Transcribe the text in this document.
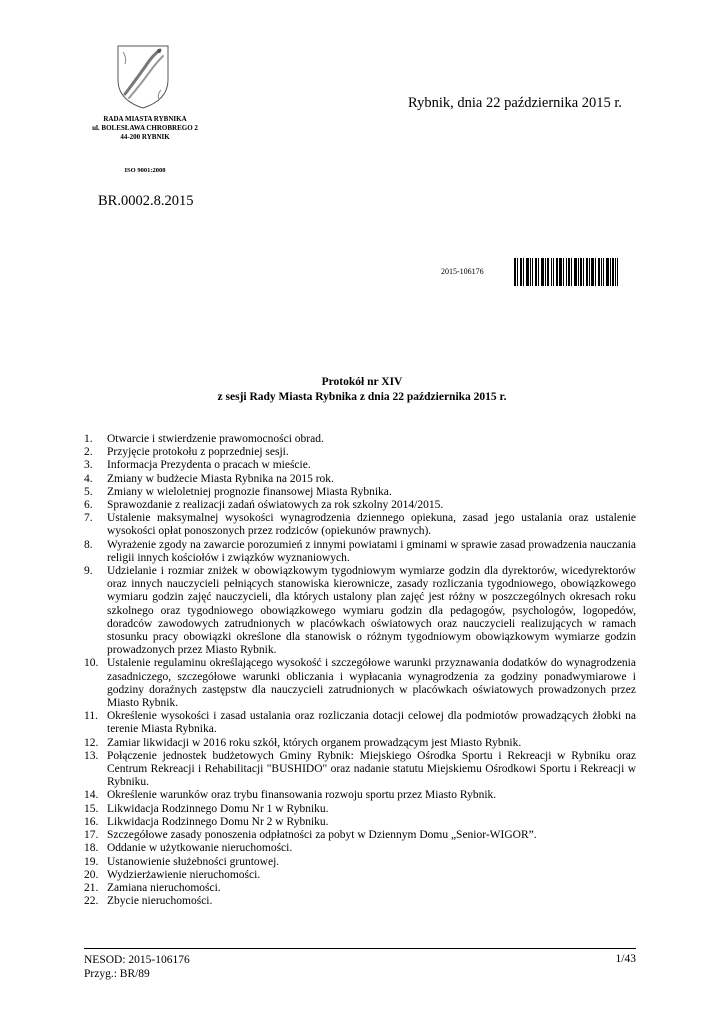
RADA MIASTA RYBNIKA
ul. BOLESŁAWA CHROBREGO 2
44-200 RYBNIK
ISO 9001:2008
Rybnik, dnia 22 października 2015 r.
BR.0002.8.2015
2015-106176
Protokół nr XIV
z sesji Rady Miasta Rybnika z dnia 22 października 2015 r.
1.	Otwarcie i stwierdzenie prawomocności obrad.
2.	Przyjęcie protokołu z poprzedniej sesji.
3.	Informacja Prezydenta o pracach w mieście.
4.	Zmiany w budżecie Miasta Rybnika na 2015 rok.
5.	Zmiany w wieloletniej prognozie finansowej Miasta Rybnika.
6.	Sprawozdanie z realizacji zadań oświatowych za rok szkolny 2014/2015.
7.	Ustalenie maksymalnej wysokości wynagrodzenia dziennego opiekuna, zasad jego ustalania oraz ustalenie wysokości opłat ponoszonych przez rodziców (opiekunów prawnych).
8.	Wyrażenie zgody na zawarcie porozumień z innymi powiatami i gminami w sprawie zasad prowadzenia nauczania religii innych kościołów i związków wyznaniowych.
9.	Udzielanie i rozmiar zniżek w obowiązkowym tygodniowym wymiarze godzin dla dyrektorów, wicedyrektorów oraz innych nauczycieli pełniących stanowiska kierownicze, zasady rozliczania tygodniowego, obowiązkowego wymiaru godzin zajęć nauczycieli, dla których ustalony plan zajęć jest różny w poszczególnych okresach roku szkolnego oraz tygodniowego obowiązkowego wymiaru godzin dla pedagogów, psychologów, logopedów, doradców zawodowych zatrudnionych w placówkach oświatowych oraz nauczycieli realizujących w ramach stosunku pracy obowiązki określone dla stanowisk o różnym tygodniowym obowiązkowym wymiarze godzin prowadzonych przez Miasto Rybnik.
10. Ustalenie regulaminu określającego wysokość i szczegółowe warunki przyznawania dodatków do wynagrodzenia zasadniczego, szczegółowe warunki obliczania i wypłacania wynagrodzenia za godziny ponadwymiarowe i godziny doraźnych zastępstw dla nauczycieli zatrudnionych w placówkach oświatowych prowadzonych przez Miasto Rybnik.
11. Określenie wysokości i zasad ustalania oraz rozliczania dotacji celowej dla podmiotów prowadzących żłobki na terenie Miasta Rybnika.
12. Zamiar likwidacji w 2016 roku szkół, których organem prowadzącym jest Miasto Rybnik.
13. Połączenie jednostek budżetowych Gminy Rybnik: Miejskiego Ośrodka Sportu i Rekreacji w Rybniku oraz Centrum Rekreacji i Rehabilitacji "BUSHIDO" oraz nadanie statutu Miejskiemu Ośrodkowi Sportu i Rekreacji w Rybniku.
14. Określenie warunków oraz trybu finansowania rozwoju sportu przez Miasto Rybnik.
15. Likwidacja Rodzinnego Domu Nr 1 w Rybniku.
16. Likwidacja Rodzinnego Domu Nr 2 w Rybniku.
17. Szczegółowe zasady ponoszenia odpłatności za pobyt w Dziennym Domu „Senior-WIGOR”.
18. Oddanie w użytkowanie nieruchomości.
19. Ustanowienie służebności gruntowej.
20. Wydzierżawienie nieruchomości.
21. Zamiana nieruchomości.
22. Zbycie nieruchomości.
NESOD: 2015-106176
Przyg.: BR/89
1/43
